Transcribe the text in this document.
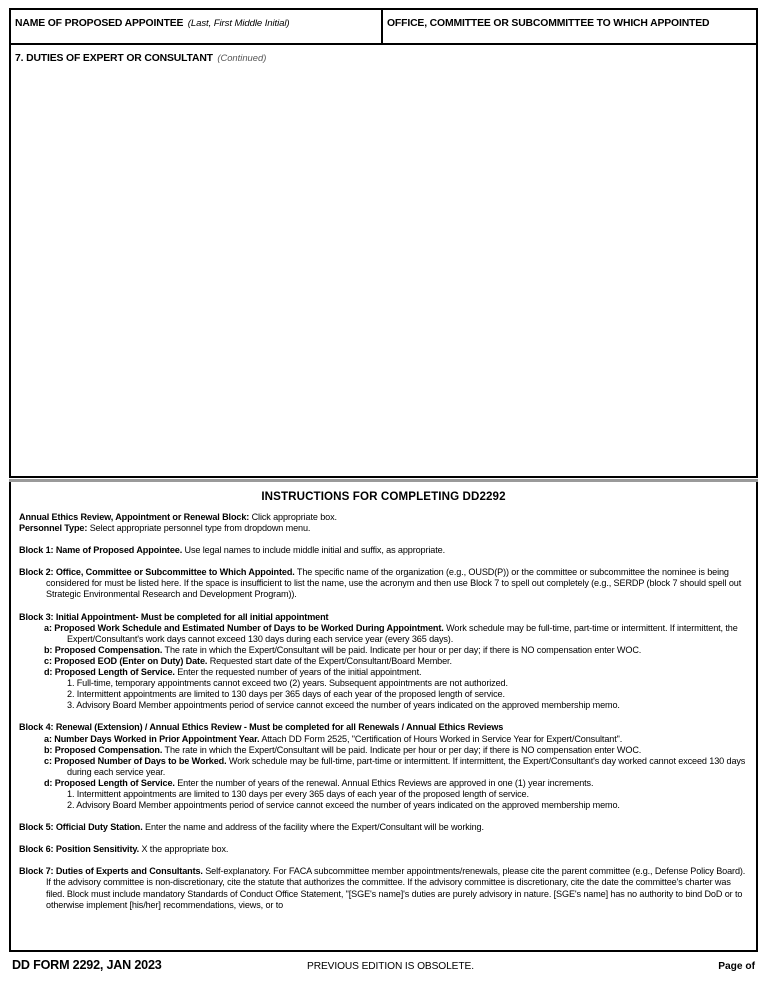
NAME OF PROPOSED APPOINTEE (Last, First Middle Initial)	OFFICE, COMMITTEE OR SUBCOMMITTEE TO WHICH APPOINTED
7. DUTIES OF EXPERT OR CONSULTANT (Continued)
INSTRUCTIONS FOR COMPLETING DD2292
Annual Ethics Review, Appointment or Renewal Block: Click appropriate box.
Personnel Type: Select appropriate personnel type from dropdown menu.
Block 1: Name of Proposed Appointee. Use legal names to include middle initial and suffix, as appropriate.
Block 2: Office, Committee or Subcommittee to Which Appointed. The specific name of the organization (e.g., OUSD(P)) or the committee or subcommittee the nominee is being considered for must be listed here. If the space is insufficient to list the name, use the acronym and then use Block 7 to spell out completely (e.g., SERDP (block 7 should spell out Strategic Environmental Research and Development Program)).
Block 3: Initial Appointment- Must be completed for all initial appointment
a: Proposed Work Schedule and Estimated Number of Days to be Worked During Appointment. Work schedule may be full-time, part-time or intermittent. If intermittent, the Expert/Consultant's work days cannot exceed 130 days during each service year (every 365 days).
b: Proposed Compensation. The rate in which the Expert/Consultant will be paid. Indicate per hour or per day; if there is NO compensation enter WOC.
c: Proposed EOD (Enter on Duty) Date. Requested start date of the Expert/Consultant/Board Member.
d: Proposed Length of Service. Enter the requested number of years of the initial appointment.
1. Full-time, temporary appointments cannot exceed two (2) years. Subsequent appointments are not authorized.
2. Intermittent appointments are limited to 130 days per 365 days of each year of the proposed length of service.
3. Advisory Board Member appointments period of service cannot exceed the number of years indicated on the approved membership memo.
Block 4: Renewal (Extension) / Annual Ethics Review - Must be completed for all Renewals / Annual Ethics Reviews
a: Number Days Worked in Prior Appointment Year. Attach DD Form 2525, "Certification of Hours Worked in Service Year for Expert/Consultant".
b: Proposed Compensation. The rate in which the Expert/Consultant will be paid. Indicate per hour or per day; if there is NO compensation enter WOC.
c: Proposed Number of Days to be Worked. Work schedule may be full-time, part-time or intermittent. If intermittent, the Expert/Consultant's day worked cannot exceed 130 days during each service year.
d: Proposed Length of Service. Enter the number of years of the renewal. Annual Ethics Reviews are approved in one (1) year increments.
1. Intermittent appointments are limited to 130 days per every 365 days of each year of the proposed length of service.
2. Advisory Board Member appointments period of service cannot exceed the number of years indicated on the approved membership memo.
Block 5: Official Duty Station. Enter the name and address of the facility where the Expert/Consultant will be working.
Block 6: Position Sensitivity. X the appropriate box.
Block 7: Duties of Experts and Consultants. Self-explanatory. For FACA subcommittee member appointments/renewals, please cite the parent committee (e.g., Defense Policy Board). If the advisory committee is non-discretionary, cite the statute that authorizes the committee. If the advisory committee is discretionary, cite the date the committee's charter was filed. Block must include mandatory Standards of Conduct Office Statement, "[SGE's name]'s duties are purely advisory in nature. [SGE's name] has no authority to bind DoD or to otherwise implement [his/her] recommendations, views, or to
DD FORM 2292, JAN 2023	PREVIOUS EDITION IS OBSOLETE.	Page of
